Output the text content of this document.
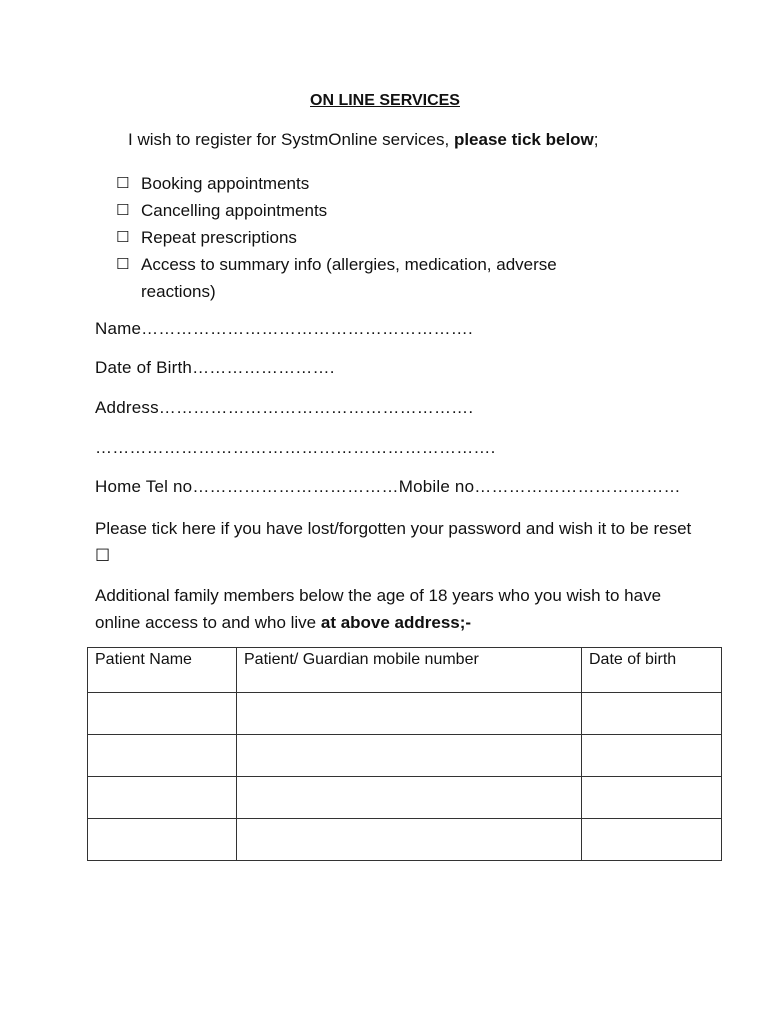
ON LINE SERVICES
I wish to register for SystmOnline services, please tick below;
☐ Booking appointments
☐ Cancelling appointments
☐ Repeat prescriptions
☐ Access to summary info (allergies, medication, adverse reactions)
Name………………………………………………….
Date of Birth…………………….
Address……………………………………………….
…………………………………………………………….
Home Tel no………………………………Mobile no………………………………
Please tick here if you have lost/forgotten your password and wish it to be reset ☐
Additional family members below the age of 18 years who you wish to have online access to and who live at above address;-
Patient Name	Patient/ Guardian mobile number	Date of birth
